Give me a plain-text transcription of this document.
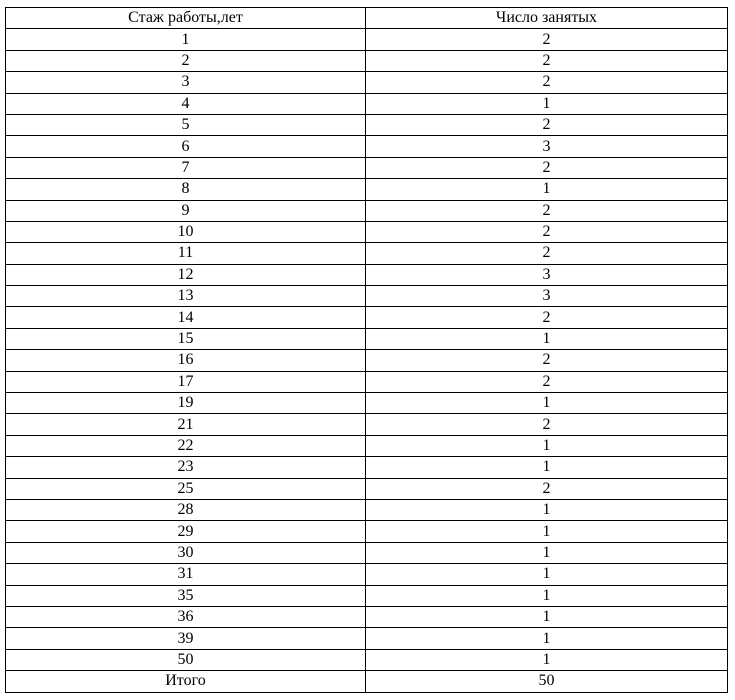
Стаж работы,лет	Число занятых
1	2
2	2
3	2
4	1
5	2
6	3
7	2
8	1
9	2
10	2
11	2
12	3
13	3
14	2
15	1
16	2
17	2
19	1
21	2
22	1
23	1
25	2
28	1
29	1
30	1
31	1
35	1
36	1
39	1
50	1
Итого	50
